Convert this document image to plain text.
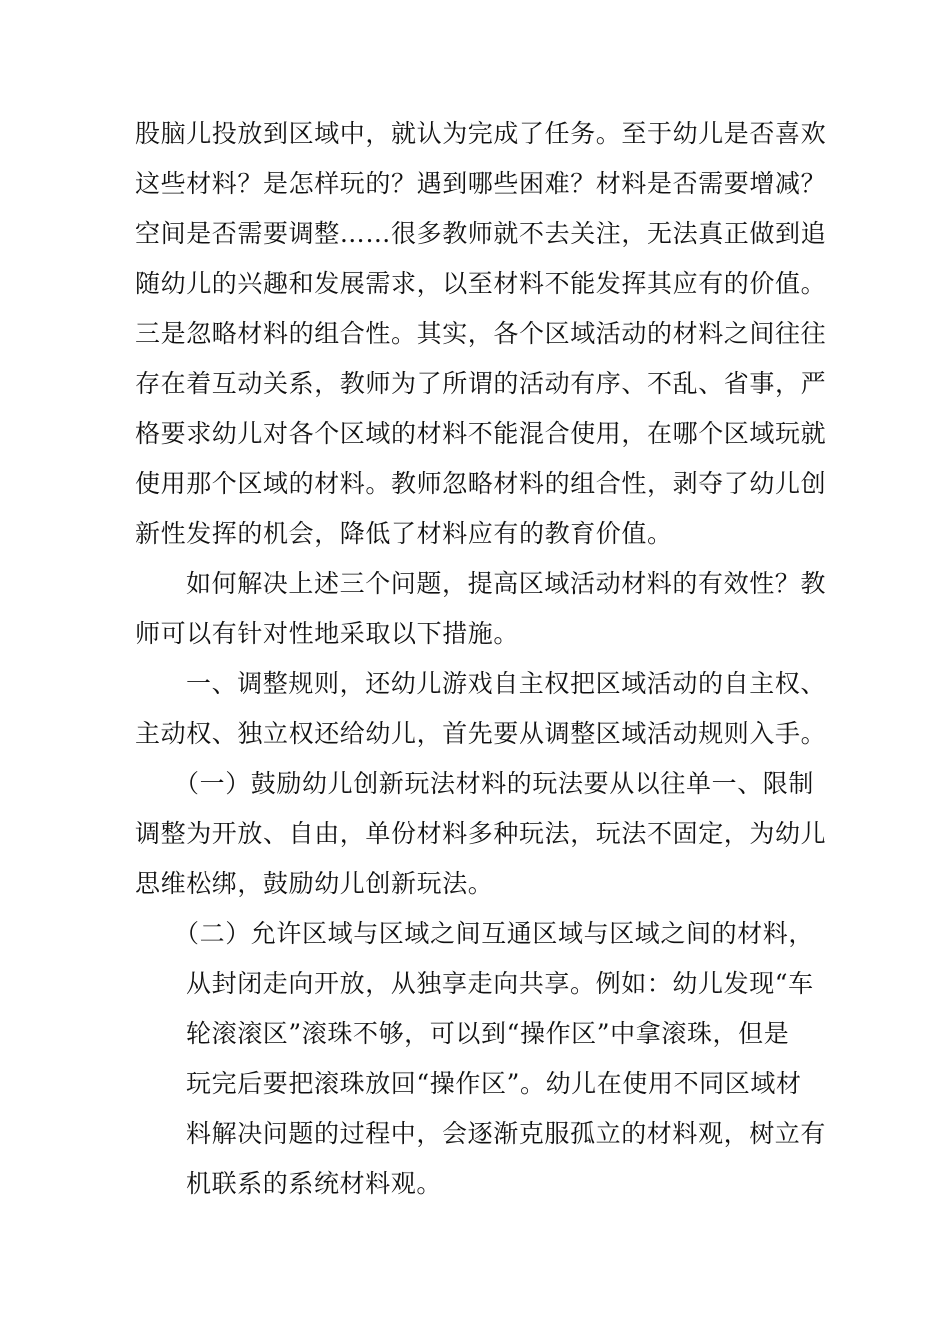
股脑儿投放到区域中，就认为完成了任务。至于幼儿是否喜欢
这些材料？是怎样玩的？遇到哪些困难？材料是否需要增减？
空间是否需要调整……很多教师就不去关注，无法真正做到追
随幼儿的兴趣和发展需求，以至材料不能发挥其应有的价值。
三是忽略材料的组合性。其实，各个区域活动的材料之间往往
存在着互动关系，教师为了所谓的活动有序、不乱、省事，严
格要求幼儿对各个区域的材料不能混合使用，在哪个区域玩就
使用那个区域的材料。教师忽略材料的组合性，剥夺了幼儿创
新性发挥的机会，降低了材料应有的教育价值。
如何解决上述三个问题，提高区域活动材料的有效性？教
师可以有针对性地采取以下措施。
一、调整规则，还幼儿游戏自主权把区域活动的自主权、
主动权、独立权还给幼儿，首先要从调整区域活动规则入手。
（一）鼓励幼儿创新玩法材料的玩法要从以往单一、限制
调整为开放、自由，单份材料多种玩法，玩法不固定，为幼儿
思维松绑，鼓励幼儿创新玩法。
（二）允许区域与区域之间互通区域与区域之间的材料，
从封闭走向开放，从独享走向共享。例如：幼儿发现“车
轮滚滚区”滚珠不够，可以到“操作区”中拿滚珠，但是
玩完后要把滚珠放回“操作区”。幼儿在使用不同区域材
料解决问题的过程中，会逐渐克服孤立的材料观，树立有
机联系的系统材料观。
